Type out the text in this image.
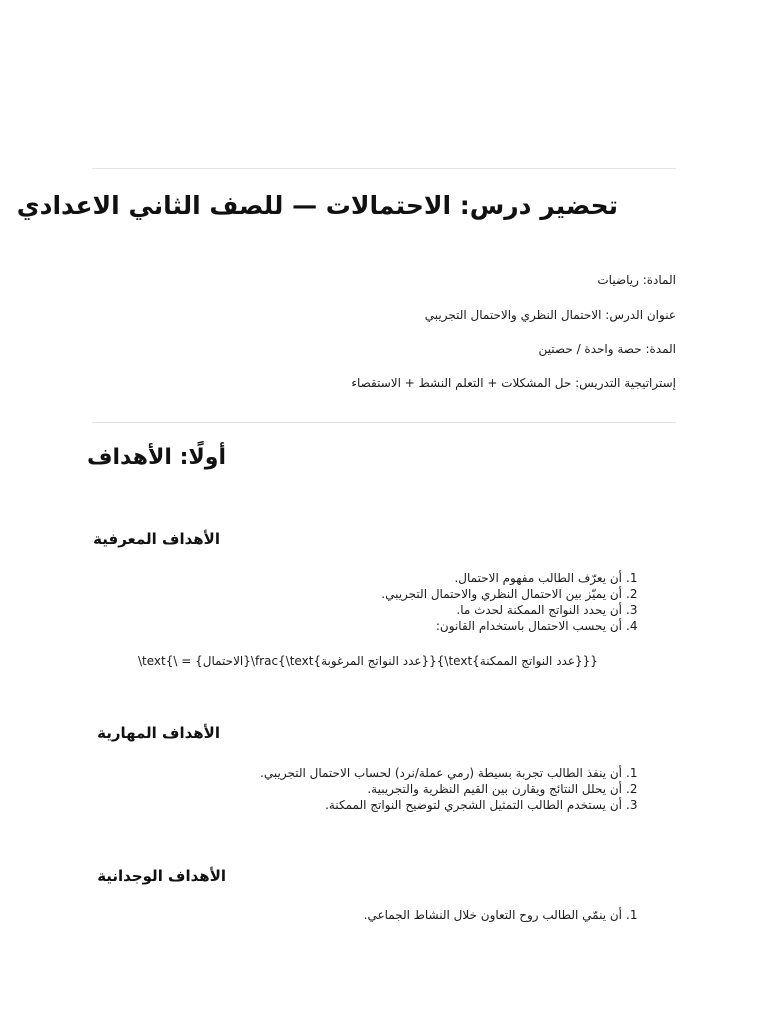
تحضير درس: الاحتمالات — للصف الثاني الاعدادي

المادة: رياضيات

عنوان الدرس: الاحتمال النظري والاحتمال التجريبي

المدة: حصة واحدة / حصتين

إستراتيجية التدريس: حل المشكلات + التعلم النشط + الاستقصاء

أولًا: الأهداف
الأهداف المعرفية
1.
أن يعرّف الطالب مفهوم الاحتمال.
2.
أن يميّز بين الاحتمال النظري والاحتمال التجريبي.
3.
أن يحدد النواتج الممكنة لحدث ما.
4.
أن يحسب الاحتمال باستخدام القانون:

\text{\ = {الاحتمال}\frac{\text{عدد النواتج المرغوبة}}{\text{عدد النواتج الممكنة}}}

الأهداف المهارية
1.
أن ينفذ الطالب تجربة بسيطة (رمي عملة/نرد) لحساب الاحتمال التجريبي.
2.
أن يحلل النتائج ويقارن بين القيم النظرية والتجريبية.
3.
أن يستخدم الطالب التمثيل الشجري لتوضيح النواتج الممكنة.
الأهداف الوجدانية
1.
أن ينمّي الطالب روح التعاون خلال النشاط الجماعي.
